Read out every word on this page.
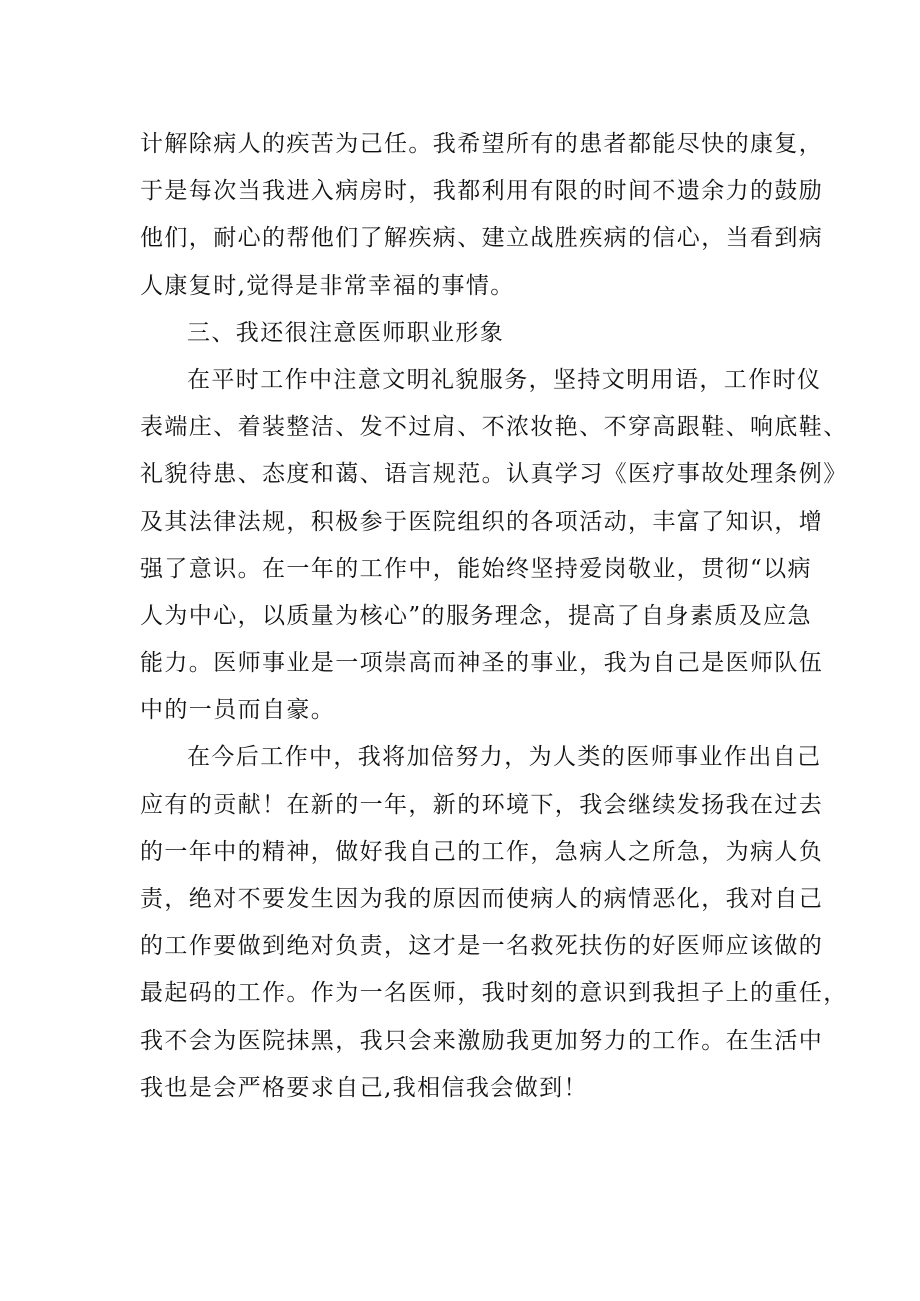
计解除病人的疾苦为己任。我希望所有的患者都能尽快的康复，
于是每次当我进入病房时，我都利用有限的时间不遗余力的鼓励
他们，耐心的帮他们了解疾病、建立战胜疾病的信心，当看到病
人康复时,觉得是非常幸福的事情。
三、我还很注意医师职业形象
在平时工作中注意文明礼貌服务，坚持文明用语，工作时仪
表端庄、着装整洁、发不过肩、不浓妆艳、不穿高跟鞋、响底鞋、
礼貌待患、态度和蔼、语言规范。认真学习《医疗事故处理条例》
及其法律法规，积极参于医院组织的各项活动，丰富了知识，增
强了意识。在一年的工作中，能始终坚持爱岗敬业，贯彻“以病
人为中心，以质量为核心”的服务理念，提高了自身素质及应急
能力。医师事业是一项崇高而神圣的事业，我为自己是医师队伍
中的一员而自豪。
在今后工作中，我将加倍努力，为人类的医师事业作出自己
应有的贡献！在新的一年，新的环境下，我会继续发扬我在过去
的一年中的精神，做好我自己的工作，急病人之所急，为病人负
责，绝对不要发生因为我的原因而使病人的病情恶化，我对自己
的工作要做到绝对负责，这才是一名救死扶伤的好医师应该做的
最起码的工作。作为一名医师，我时刻的意识到我担子上的重任，
我不会为医院抹黑，我只会来激励我更加努力的工作。在生活中
我也是会严格要求自己,我相信我会做到！
